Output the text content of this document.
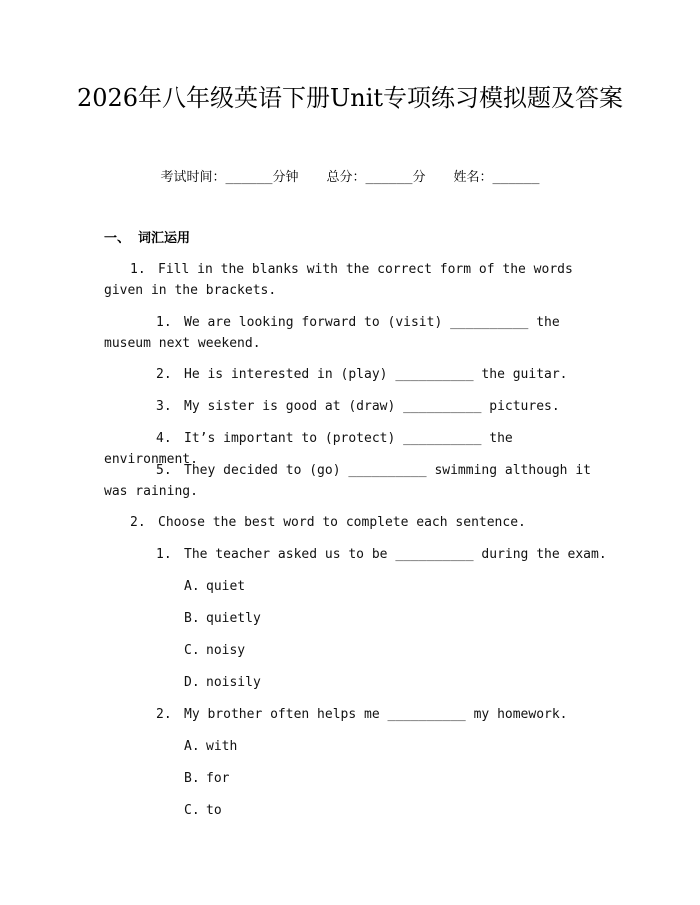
2026年八年级英语下册Unit专项练习模拟题及答案
考试时间：______分钟 总分：______分 姓名：______
一、 词汇运用
1. Fill in the blanks with the correct form of the words given in the brackets.
1. We are looking forward to (visit) __________ the museum next weekend.
2. He is interested in (play) __________ the guitar.
3. My sister is good at (draw) __________ pictures.
4. It’s important to (protect) __________ the environment.
5. They decided to (go) __________ swimming although it was raining.
2. Choose the best word to complete each sentence.
1. The teacher asked us to be __________ during the exam.
A. quiet
B. quietly
C. noisy
D. noisily
2. My brother often helps me __________ my homework.
A. with
B. for
C. to
